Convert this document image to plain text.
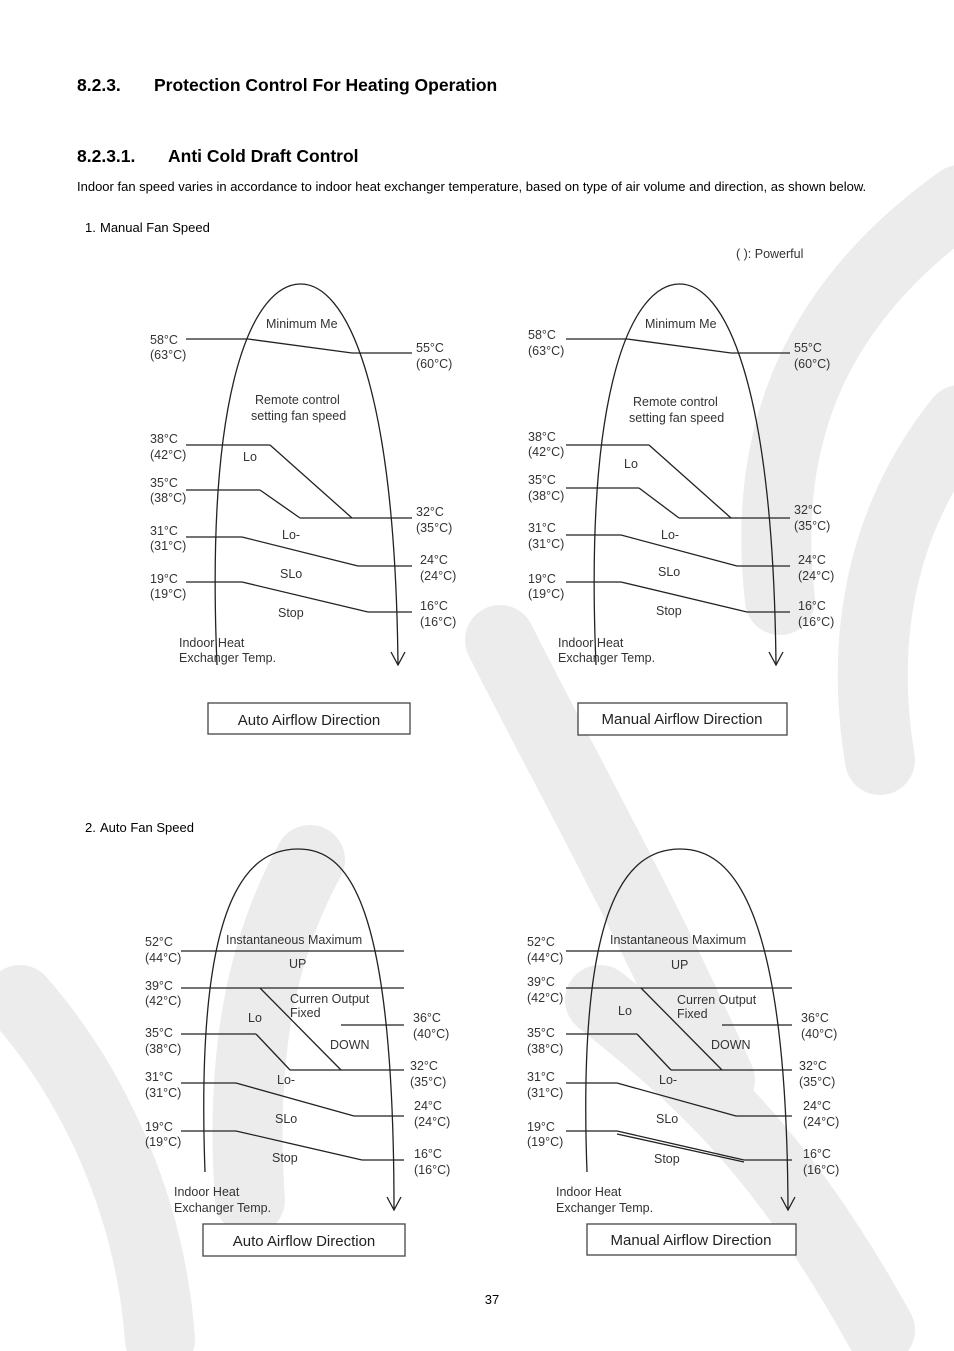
8.2.3. Protection Control For Heating Operation
8.2.3.1. Anti Cold Draft Control
Indoor fan speed varies in accordance to indoor heat exchanger temperature, based on type of air volume and direction, as shown below.
1. Manual Fan Speed
( ): Powerful
2. Auto Fan Speed
37
Minimum Me
Remote control
setting fan speed
Lo
Lo-
SLo
Stop
58°C
(63°C)
38°C
(42°C)
35°C
(38°C)
31°C
(31°C)
19°C
(19°C)
55°C
(60°C)
32°C
(35°C)
24°C
(24°C)
16°C
(16°C)
Indoor Heat
Exchanger Temp.
Auto Airflow Direction
Minimum Me
Remote control
setting fan speed
Lo
Lo-
SLo
Stop
58°C
(63°C)
38°C
(42°C)
35°C
(38°C)
31°C
(31°C)
19°C
(19°C)
55°C
(60°C)
32°C
(35°C)
24°C
(24°C)
16°C
(16°C)
Indoor Heat
Exchanger Temp.
Manual Airflow Direction
Instantaneous Maximum
UP
Curren Output
Fixed
Lo
DOWN
Lo-
SLo
Stop
52°C
(44°C)
39°C
(42°C)
35°C
(38°C)
31°C
(31°C)
19°C
(19°C)
36°C
(40°C)
32°C
(35°C)
24°C
(24°C)
16°C
(16°C)
Indoor Heat
Exchanger Temp.
Auto Airflow Direction
Instantaneous Maximum
UP
Curren Output
Fixed
Lo
DOWN
Lo-
SLo
Stop
52°C
(44°C)
39°C
(42°C)
35°C
(38°C)
31°C
(31°C)
19°C
(19°C)
36°C
(40°C)
32°C
(35°C)
24°C
(24°C)
16°C
(16°C)
Indoor Heat
Exchanger Temp.
Manual Airflow Direction
